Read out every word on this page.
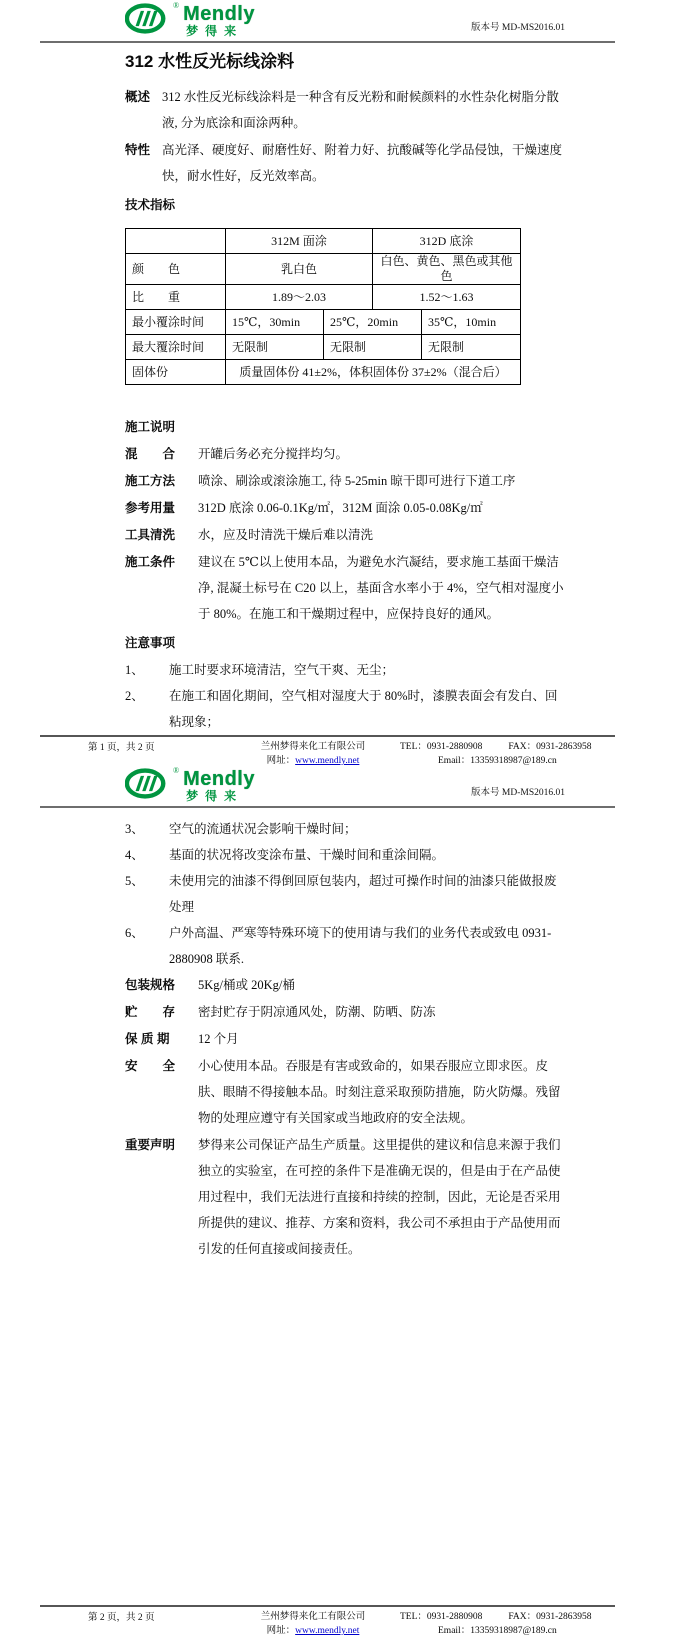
® Mendly
梦得来	版本号 MD-MS2016.01
312 水性反光标线涂料
概述 312 水性反光标线涂料是一种含有反光粉和耐候颜料的水性杂化树脂分散液, 分为底涂和面涂两种。
特性 高光泽、硬度好、耐磨性好、附着力好、抗酸碱等化学品侵蚀，干燥速度快，耐水性好，反光效率高。
技术指标
	312M 面涂		312D 底涂	
颜　　色	乳白色		白色、黄色、黑色或其他色	
比　　重	1.89～2.03		1.52～1.63	
最小覆涂时间	15℃，30min	25℃，20min		35℃，10min
最大覆涂时间	无限制	无限制		无限制
固体份	质量固体份 41±2%，体积固体份 37±2%（混合后）			
施工说明
混　　合	开罐后务必充分搅拌均匀。
施工方法	喷涂、刷涂或滚涂施工, 待 5-25min 晾干即可进行下道工序
参考用量	312D 底涂 0.06-0.1Kg/㎡，312M 面涂 0.05-0.08Kg/㎡
工具清洗	水，应及时清洗干燥后难以清洗
施工条件	建议在 5℃以上使用本品，为避免水汽凝结，要求施工基面干燥洁净, 混凝土标号在 C20 以上，基面含水率小于 4%，空气相对湿度小于 80%。在施工和干燥期过程中，应保持良好的通风。
注意事项
1、	施工时要求环境清洁，空气干爽、无尘；
2、	在施工和固化期间，空气相对湿度大于 80%时，漆膜表面会有发白、回粘现象；
第 1 页，共 2 页	兰州梦得来化工有限公司
网址：www.mendly.net
TEL：0931-2880908	FAX：0931-2863958
Email：13359318987@189.cn
® Mendly
梦得来	版本号 MD-MS2016.01
3、	空气的流通状况会影响干燥时间；
4、	基面的状况将改变涂布量、干燥时间和重涂间隔。
5、	未使用完的油漆不得倒回原包装内，超过可操作时间的油漆只能做报废处理
6、	户外高温、严寒等特殊环境下的使用请与我们的业务代表或致电 0931-2880908 联系.
包装规格	5Kg/桶或 20Kg/桶
贮　　存	密封贮存于阴凉通风处，防潮、防晒、防冻
保 质 期	12 个月
安　　全	小心使用本品。吞服是有害或致命的，如果吞服应立即求医。皮肤、眼睛不得接触本品。时刻注意采取预防措施，防火防爆。残留物的处理应遵守有关国家或当地政府的安全法规。
重要声明	梦得来公司保证产品生产质量。这里提供的建议和信息来源于我们独立的实验室，在可控的条件下是准确无误的，但是由于在产品使用过程中，我们无法进行直接和持续的控制，因此，无论是否采用所提供的建议、推荐、方案和资料，我公司不承担由于产品使用而引发的任何直接或间接责任。
第 2 页，共 2 页	兰州梦得来化工有限公司
网址：www.mendly.net
TEL：0931-2880908	FAX：0931-2863958
Email：13359318987@189.cn
